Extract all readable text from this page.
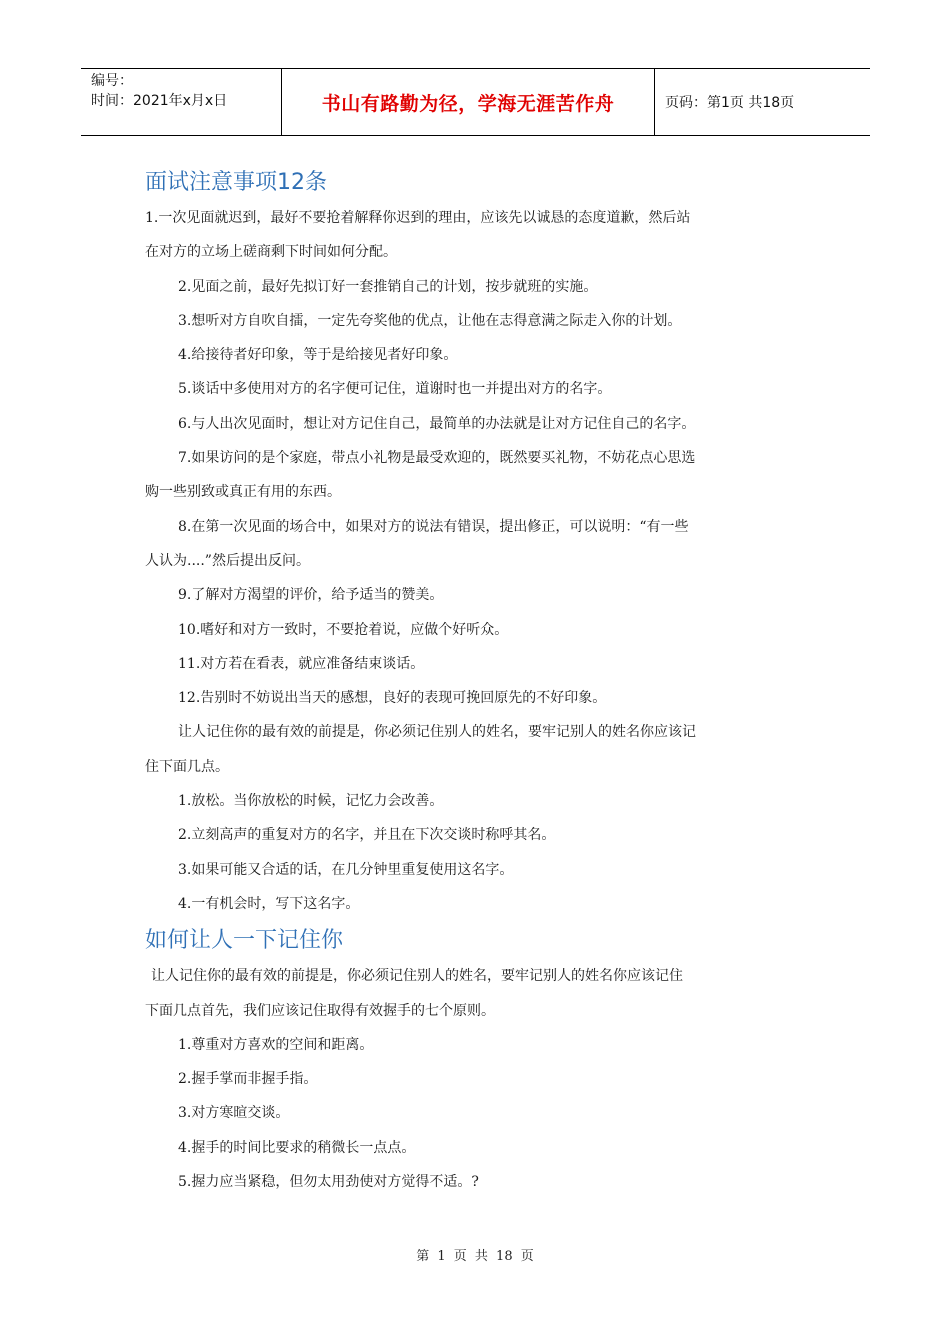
编号：
时间：2021年x月x日	书山有路勤为径，学海无涯苦作舟	页码：第1页 共18页
面试注意事项12条

1.一次见面就迟到，最好不要抢着解释你迟到的理由，应该先以诚恳的态度道歉，然后站

在对方的立场上磋商剩下时间如何分配。

2.见面之前，最好先拟订好一套推销自己的计划，按步就班的实施。

3.想听对方自吹自擂，一定先夸奖他的优点，让他在志得意满之际走入你的计划。

4.给接待者好印象，等于是给接见者好印象。

5.谈话中多使用对方的名字便可记住，道谢时也一并提出对方的名字。

6.与人出次见面时，想让对方记住自己，最简单的办法就是让对方记住自己的名字。

7.如果访问的是个家庭，带点小礼物是最受欢迎的，既然要买礼物，不妨花点心思选

购一些别致或真正有用的东西。

8.在第一次见面的场合中，如果对方的说法有错误，提出修正，可以说明：“有一些

人认为....”然后提出反问。

9.了解对方渴望的评价，给予适当的赞美。

10.嗜好和对方一致时，不要抢着说，应做个好听众。

11.对方若在看表，就应准备结束谈话。

12.告别时不妨说出当天的感想，良好的表现可挽回原先的不好印象。

让人记住你的最有效的前提是，你必须记住别人的姓名，要牢记别人的姓名你应该记

住下面几点。

1.放松。当你放松的时候，记忆力会改善。

2.立刻高声的重复对方的名字，并且在下次交谈时称呼其名。

3.如果可能又合适的话，在几分钟里重复使用这名字。

4.一有机会时，写下这名字。

如何让人一下记住你

让人记住你的最有效的前提是，你必须记住别人的姓名，要牢记别人的姓名你应该记住

下面几点首先，我们应该记住取得有效握手的七个原则。

1.尊重对方喜欢的空间和距离。

2.握手掌而非握手指。

3.对方寒暄交谈。

4.握手的时间比要求的稍微长一点点。

5.握力应当紧稳，但勿太用劲使对方觉得不适。?

第 1 页 共 18 页
